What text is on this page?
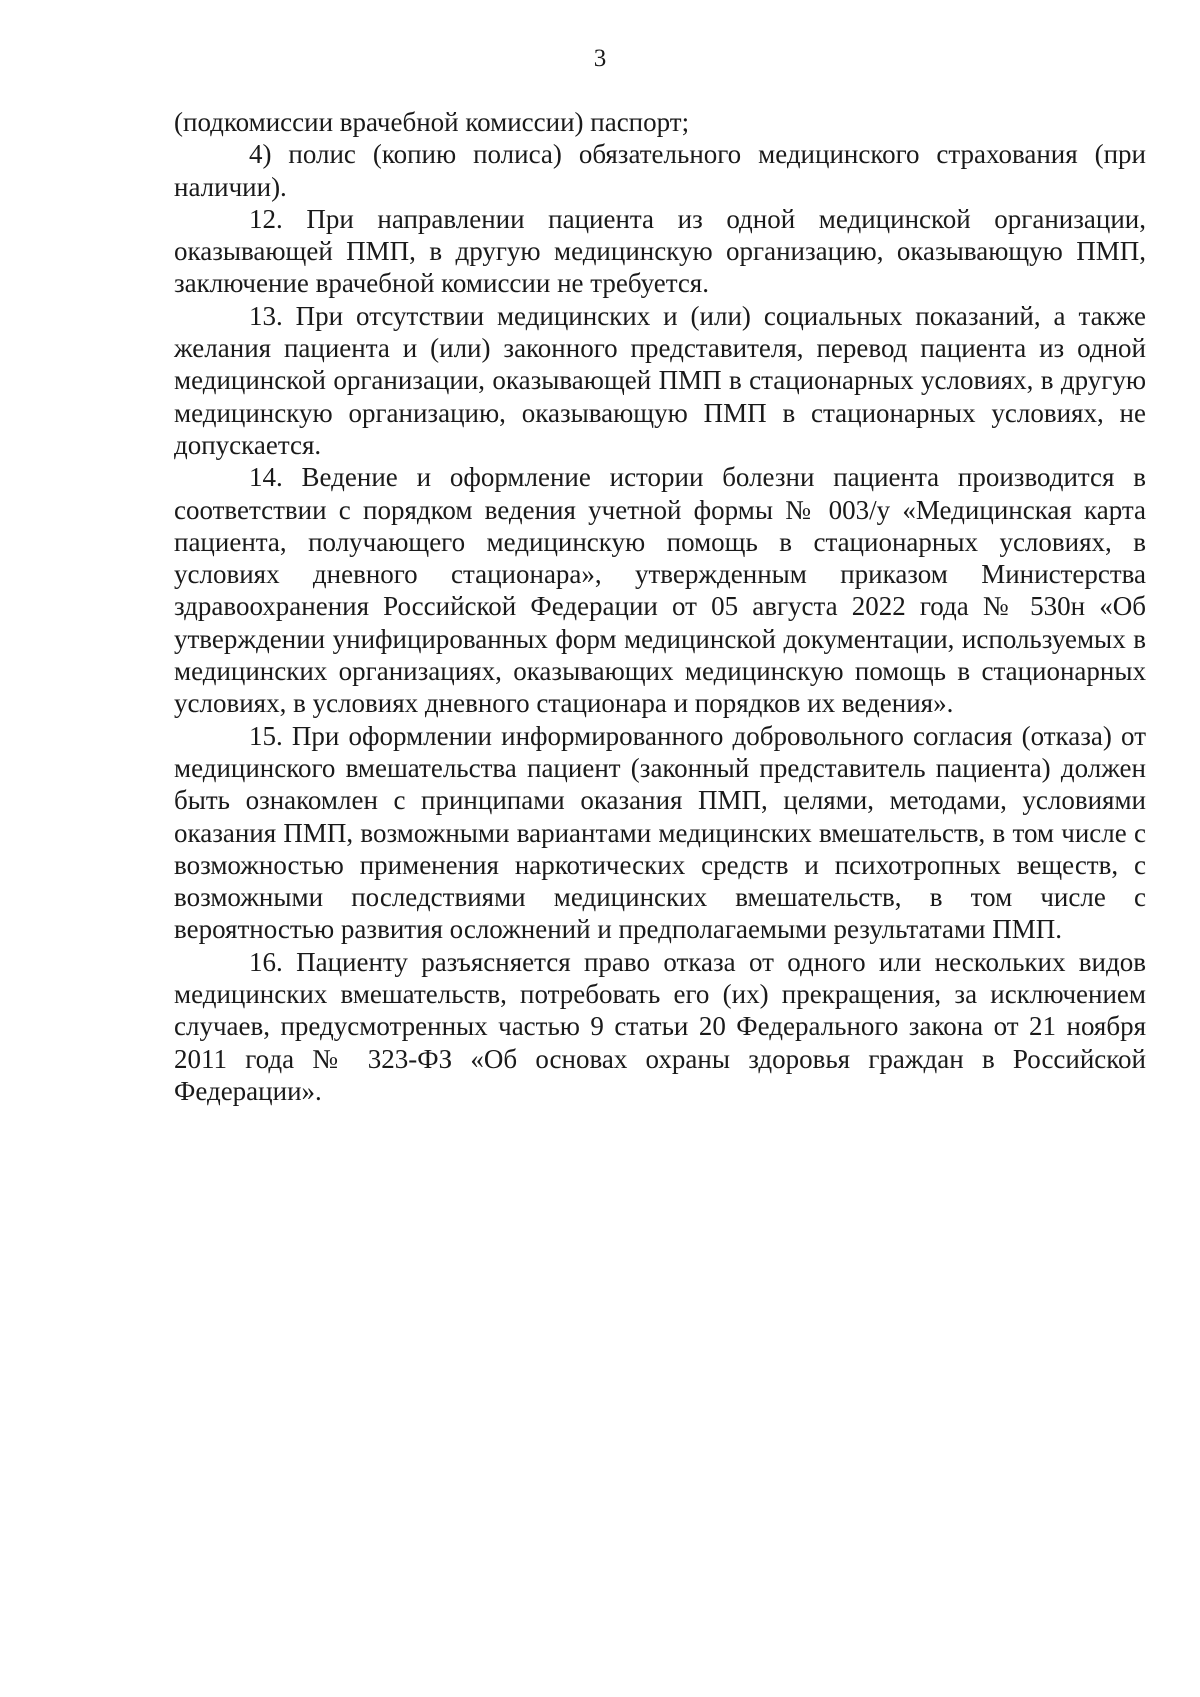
3

(подкомиссии врачебной комиссии) паспорт;

4) полис (копию полиса) обязательного медицинского страхования (при наличии).

12. При направлении пациента из одной медицинской организации, оказывающей ПМП, в другую медицинскую организацию, оказывающую ПМП, заключение врачебной комиссии не требуется.

13. При отсутствии медицинских и (или) социальных показаний, а также желания пациента и (или) законного представителя, перевод пациента из одной медицинской организации, оказывающей ПМП в стационарных условиях, в другую медицинскую организацию, оказывающую ПМП в стационарных условиях, не допускается.

14. Ведение и оформление истории болезни пациента производится в соответствии с порядком ведения учетной формы № 003/у «Медицинская карта пациента, получающего медицинскую помощь в стационарных условиях, в условиях дневного стационара», утвержденным приказом Министерства здравоохранения Российской Федерации от 05 августа 2022 года № 530н «Об утверждении унифицированных форм медицинской документации, используемых в медицинских организациях, оказывающих медицинскую помощь в стационарных условиях, в условиях дневного стационара и порядков их ведения».

15. При оформлении информированного добровольного согласия (отказа) от медицинского вмешательства пациент (законный представитель пациента) должен быть ознакомлен с принципами оказания ПМП, целями, методами, условиями оказания ПМП, возможными вариантами медицинских вмешательств, в том числе с возможностью применения наркотических средств и психотропных веществ, с возможными последствиями медицинских вмешательств, в том числе с вероятностью развития осложнений и предполагаемыми результатами ПМП.

16. Пациенту разъясняется право отказа от одного или нескольких видов медицинских вмешательств, потребовать его (их) прекращения, за исключением случаев, предусмотренных частью 9 статьи 20 Федерального закона от 21 ноября 2011 года № 323-ФЗ «Об основах охраны здоровья граждан в Российской Федерации».
